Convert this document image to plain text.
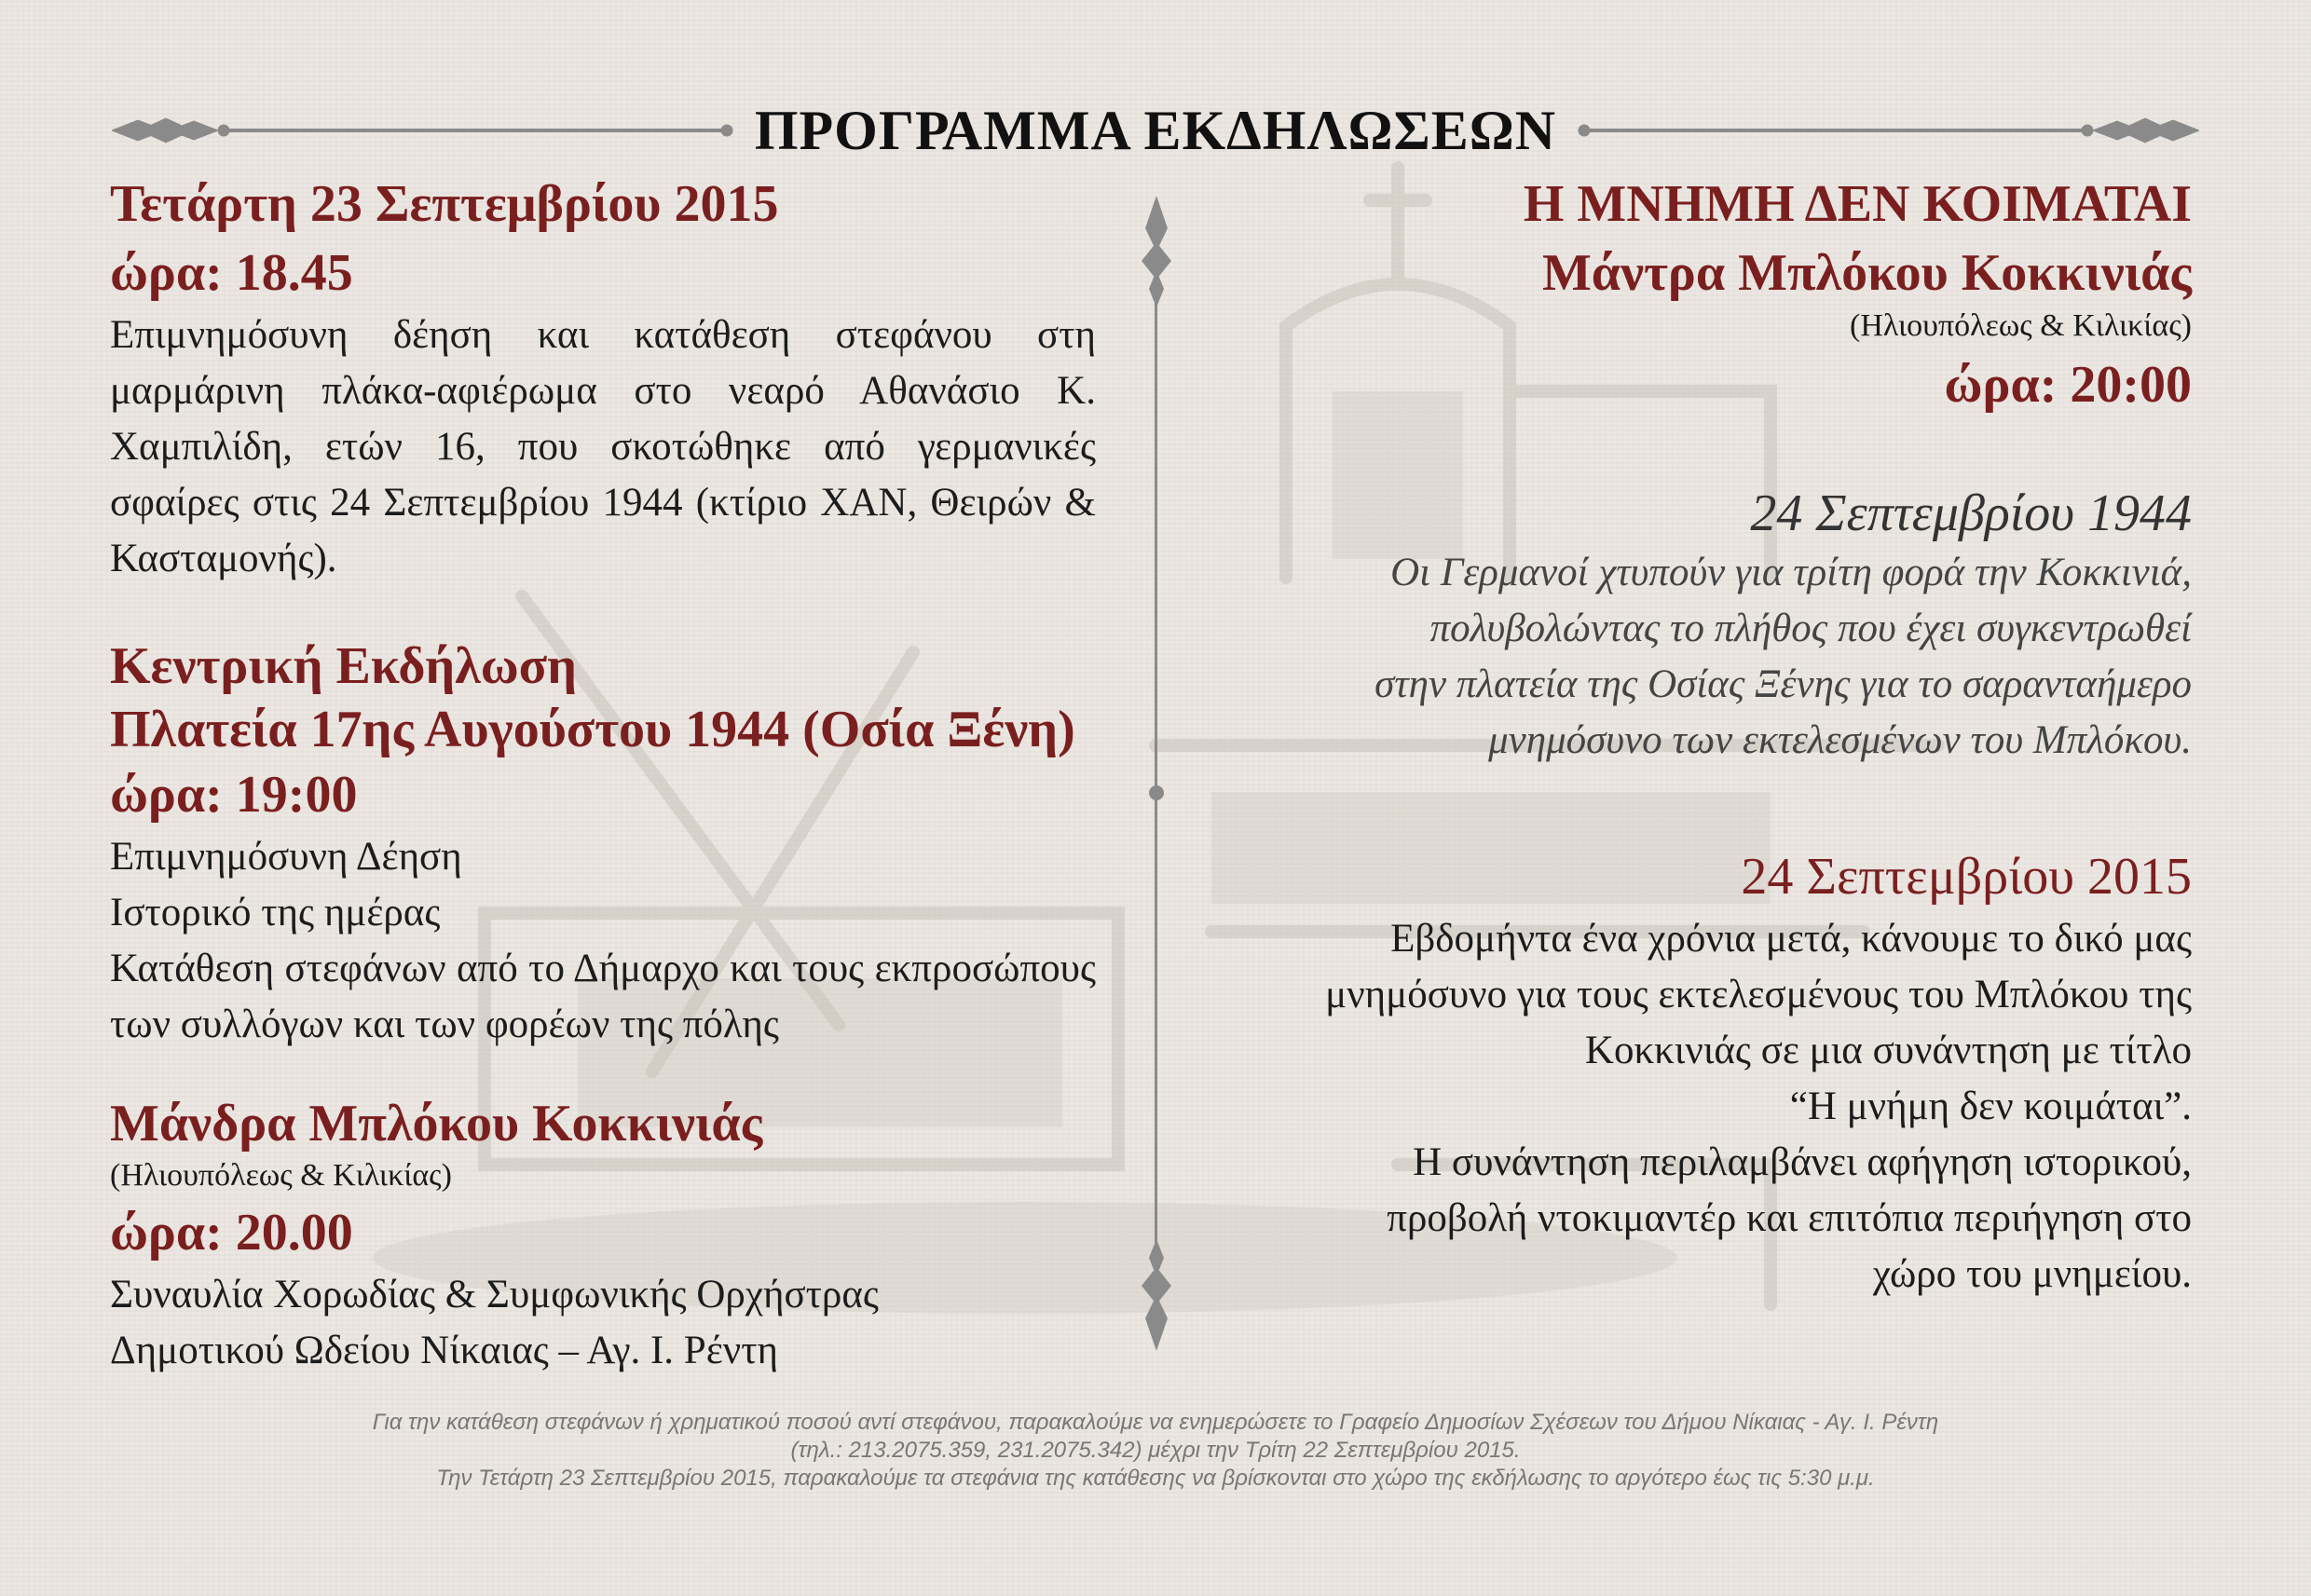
ΠΡΟΓΡΑΜΜΑ ΕΚΔΗΛΩΣΕΩΝ
Τετάρτη 23 Σεπτεμβρίου 2015
ώρα: 18.45
Επιμνημόσυνη δέηση και κατάθεση στεφάνου στη μαρμάρινη πλάκα-αφιέρωμα στο νεαρό Αθανάσιο Κ. Χαμπιλίδη, ετών 16, που σκοτώθηκε από γερμανικές σφαίρες στις 24 Σεπτεμβρίου 1944 (κτίριο ΧΑΝ, Θειρών & Κασταμονής).
Κεντρική Εκδήλωση
Πλατεία 17ης Αυγούστου 1944 (Οσία Ξένη)
ώρα: 19:00
Επιμνημόσυνη Δέηση
Ιστορικό της ημέρας
Κατάθεση στεφάνων από το Δήμαρχο και τους εκπροσώπους των συλλόγων και των φορέων της πόλης
Μάνδρα Μπλόκου Κοκκινιάς
(Ηλιουπόλεως & Κιλικίας)
ώρα: 20.00
Συναυλία Χορωδίας & Συμφωνικής Ορχήστρας
Δημοτικού Ωδείου Νίκαιας – Αγ. Ι. Ρέντη
Η ΜΝΗΜΗ ΔΕΝ ΚΟΙΜΑΤΑΙ
Μάντρα Μπλόκου Κοκκινιάς
(Ηλιουπόλεως & Κιλικίας)
ώρα: 20:00
24 Σεπτεμβρίου 1944
Οι Γερμανοί χτυπούν για τρίτη φορά την Κοκκινιά,
πολυβολώντας το πλήθος που έχει συγκεντρωθεί
στην πλατεία της Οσίας Ξένης για το σαρανταήμερο
μνημόσυνο των εκτελεσμένων του Μπλόκου.
24 Σεπτεμβρίου 2015
Εβδομήντα ένα χρόνια μετά, κάνουμε το δικό μας
μνημόσυνο για τους εκτελεσμένους του Μπλόκου της
Κοκκινιάς σε μια συνάντηση με τίτλο
“Η μνήμη δεν κοιμάται”.
Η συνάντηση περιλαμβάνει αφήγηση ιστορικού,
προβολή ντοκιμαντέρ και επιτόπια περιήγηση στο
χώρο του μνημείου.
Για την κατάθεση στεφάνων ή χρηματικού ποσού αντί στεφάνου, παρακαλούμε να ενημερώσετε το Γραφείο Δημοσίων Σχέσεων του Δήμου Νίκαιας - Αγ. Ι. Ρέντη
(τηλ.: 213.2075.359, 231.2075.342) μέχρι την Τρίτη 22 Σεπτεμβρίου 2015.
Την Τετάρτη 23 Σεπτεμβρίου 2015, παρακαλούμε τα στεφάνια της κατάθεσης να βρίσκονται στο χώρο της εκδήλωσης το αργότερο έως τις 5:30 μ.μ.
